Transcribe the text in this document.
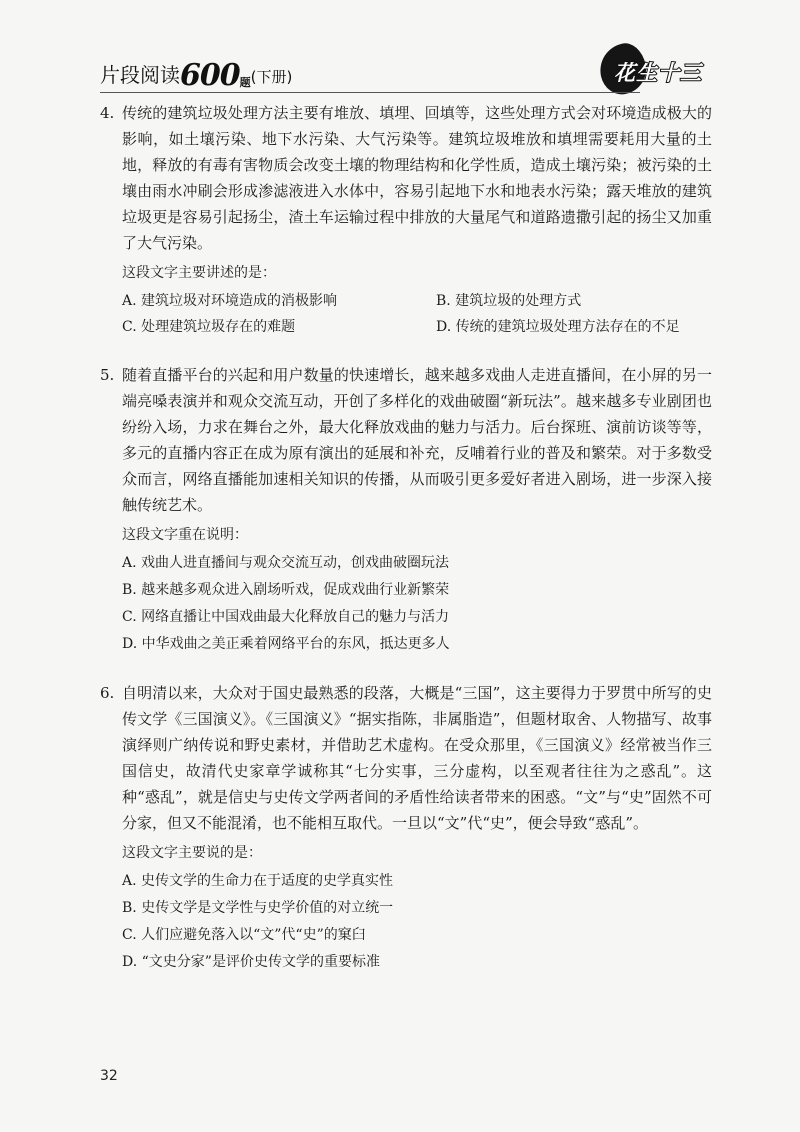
片段阅读$600_题$(下册)	花生十三
4. 传统的建筑垃圾处理方法主要有堆放、填埋、回填等，这些处理方式会对环境造成极大的影响，如土壤污染、地下水污染、大气污染等。建筑垃圾堆放和填埋需要耗用大量的土地，释放的有毒有害物质会改变土壤的物理结构和化学性质，造成土壤污染；被污染的土壤由雨水冲刷会形成渗滤液进入水体中，容易引起地下水和地表水污染；露天堆放的建筑垃圾更是容易引起扬尘，渣土车运输过程中排放的大量尾气和道路遗撒引起的扬尘又加重了大气污染。
这段文字主要讲述的是：
A. 建筑垃圾对环境造成的消极影响	B. 建筑垃圾的处理方式
C. 处理建筑垃圾存在的难题	D. 传统的建筑垃圾处理方法存在的不足
5. 随着直播平台的兴起和用户数量的快速增长，越来越多戏曲人走进直播间，在小屏的另一端亮嗓表演并和观众交流互动，开创了多样化的戏曲破圈“新玩法”。越来越多专业剧团也纷纷入场，力求在舞台之外，最大化释放戏曲的魅力与活力。后台探班、演前访谈等等，多元的直播内容正在成为原有演出的延展和补充，反哺着行业的普及和繁荣。对于多数受众而言，网络直播能加速相关知识的传播，从而吸引更多爱好者进入剧场，进一步深入接触传统艺术。
这段文字重在说明：
A. 戏曲人进直播间与观众交流互动，创戏曲破圈玩法
B. 越来越多观众进入剧场听戏，促成戏曲行业新繁荣
C. 网络直播让中国戏曲最大化释放自己的魅力与活力
D. 中华戏曲之美正乘着网络平台的东风，抵达更多人
6. 自明清以来，大众对于国史最熟悉的段落，大概是“三国”，这主要得力于罗贯中所写的史传文学《三国演义》。《三国演义》“据实指陈，非属脂造”，但题材取舍、人物描写、故事演绎则广纳传说和野史素材，并借助艺术虚构。在受众那里，《三国演义》经常被当作三国信史，故清代史家章学诚称其“七分实事，三分虚构，以至观者往往为之惑乱”。这种“惑乱”，就是信史与史传文学两者间的矛盾性给读者带来的困惑。“文”与“史”固然不可分家，但又不能混淆，也不能相互取代。一旦以“文”代“史”，便会导致“惑乱”。
这段文字主要说的是：
A. 史传文学的生命力在于适度的史学真实性
B. 史传文学是文学性与史学价值的对立统一
C. 人们应避免落入以“文”代“史”的窠臼
D. “文史分家”是评价史传文学的重要标准
32
